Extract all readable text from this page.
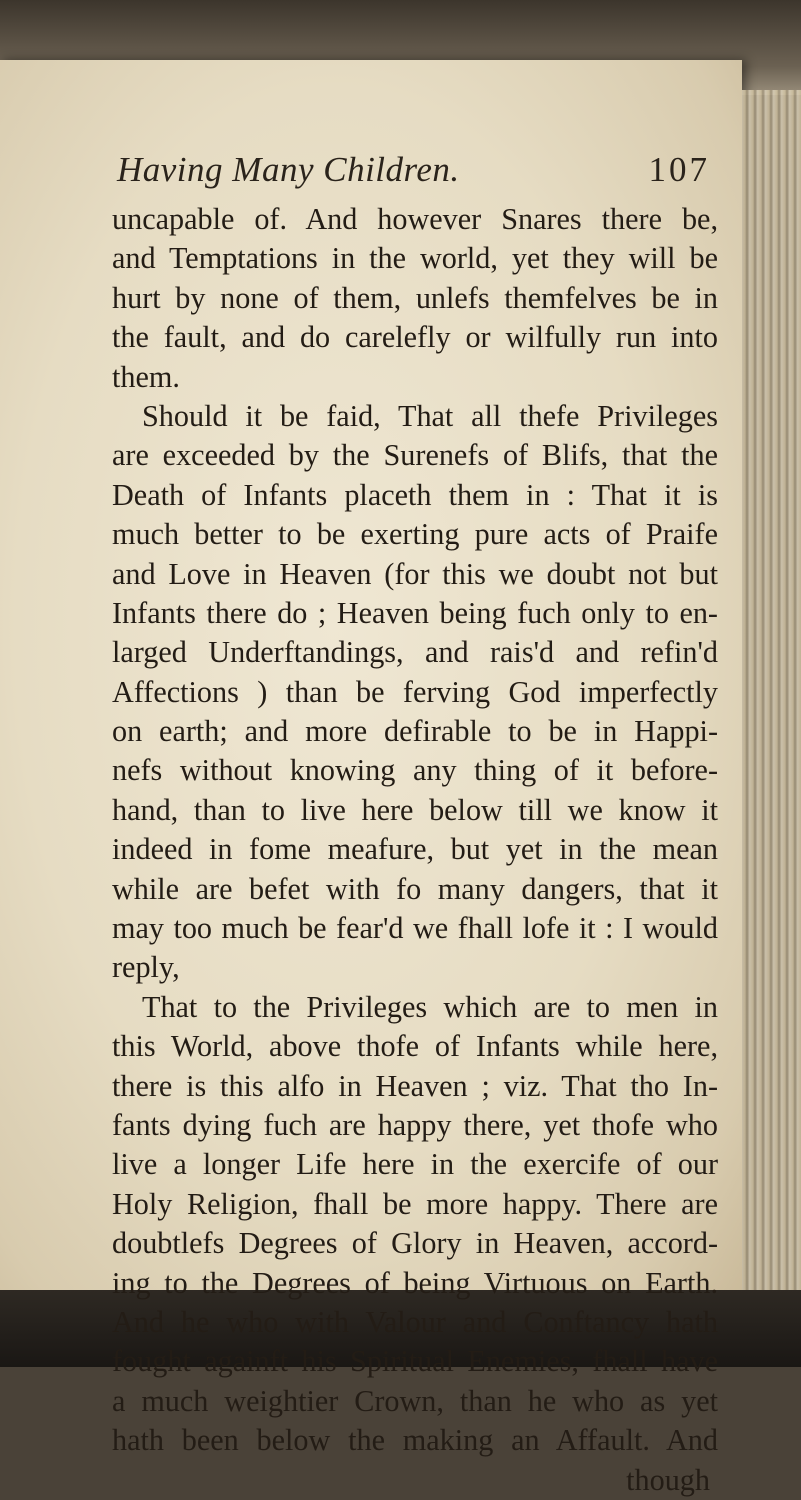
Having Many Children.	107
uncapable of. And however Snares there be,
and Temptations in the world, yet they will be
hurt by none of them, unlefs themfelves be in
the fault, and do carelefly or wilfully run into
them.
Should it be faid, That all thefe Privileges
are exceeded by the Surenefs of Blifs, that the
Death of Infants placeth them in : That it is
much better to be exerting pure acts of Praife
and Love in Heaven (for this we doubt not but
Infants there do ; Heaven being fuch only to en-
larged Underftandings, and rais'd and refin'd
Affections ) than be ferving God imperfectly
on earth; and more defirable to be in Happi-
nefs without knowing any thing of it before-
hand, than to live here below till we know it
indeed in fome meafure, but yet in the mean
while are befet with fo many dangers, that it
may too much be fear'd we fhall lofe it : I would
reply,
That to the Privileges which are to men in
this World, above thofe of Infants while here,
there is this alfo in Heaven ; viz. That tho In-
fants dying fuch are happy there, yet thofe who
live a longer Life here in the exercife of our
Holy Religion, fhall be more happy. There are
doubtlefs Degrees of Glory in Heaven, accord-
ing to the Degrees of being Virtuous on Earth.
And he who with Valour and Conftancy hath
fought againft his Spiritual Enemies, fhall have
a much weightier Crown, than he who as yet
hath been below the making an Affault. And
though
